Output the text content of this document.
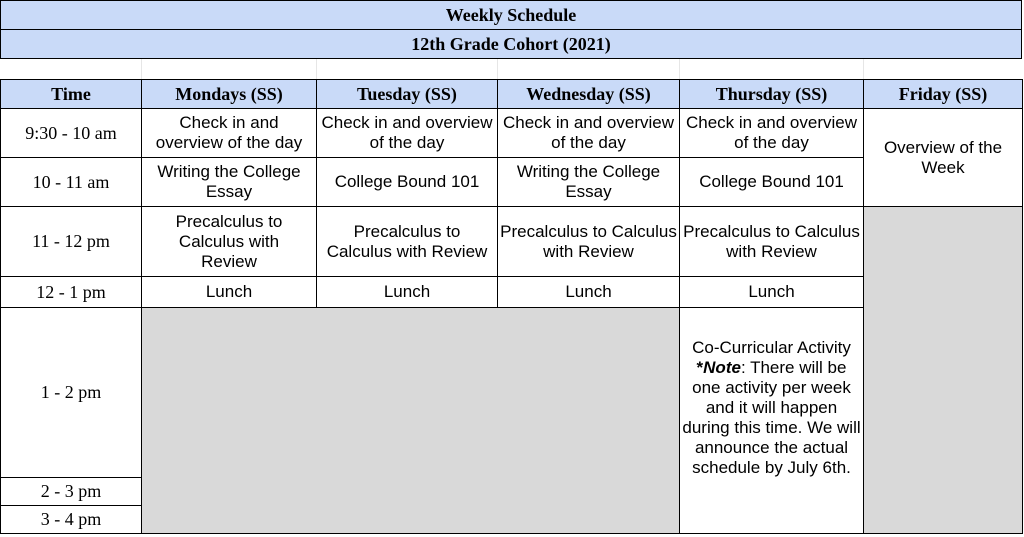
Weekly Schedule
12th Grade Cohort (2021)
Time	Mondays (SS)	Tuesday (SS)	Wednesday (SS)	Thursday (SS)	Friday (SS)
9:30 - 10 am	Check in and overview of the day	Check in and overview of the day	Check in and overview of the day	Check in and overview of the day	Overview of the Week
10 - 11 am	Writing the College Essay	College Bound 101	Writing the College Essay	College Bound 101	
11 - 12 pm	Precalculus to Calculus with Review	Precalculus to Calculus with Review	Precalculus to Calculus with Review	Precalculus to Calculus with Review	
12 - 1 pm	Lunch	Lunch	Lunch	Lunch	
1 - 2 pm				Co-Curricular Activity
*Note: There will be one activity per week and it will happen during this time. We will announce the actual schedule by July 6th.	
2 - 3 pm					
3 - 4 pm					
